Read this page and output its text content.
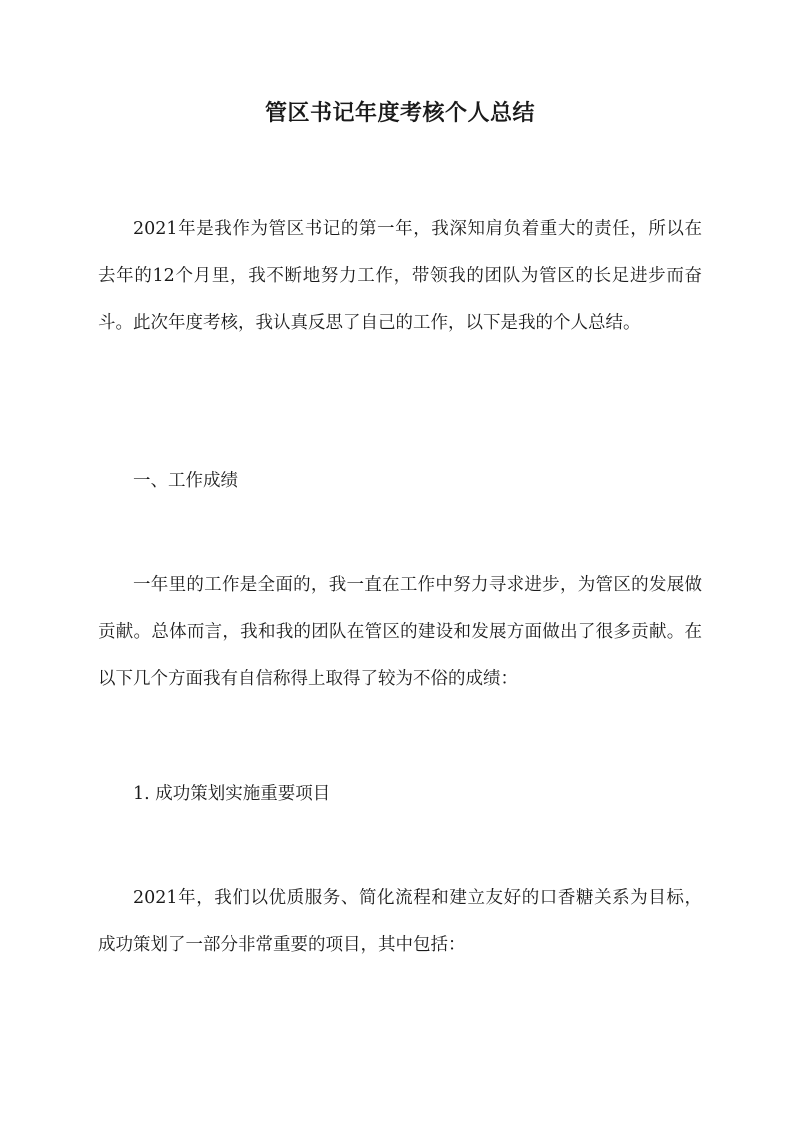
管区书记年度考核个人总结

2021年是我作为管区书记的第一年，我深知肩负着重大的责任，所以在去年的12个月里，我不断地努力工作，带领我的团队为管区的长足进步而奋斗。此次年度考核，我认真反思了自己的工作，以下是我的个人总结。

一、工作成绩

一年里的工作是全面的，我一直在工作中努力寻求进步，为管区的发展做贡献。总体而言，我和我的团队在管区的建设和发展方面做出了很多贡献。在以下几个方面我有自信称得上取得了较为不俗的成绩：

1. 成功策划实施重要项目

2021年，我们以优质服务、简化流程和建立友好的口香糖关系为目标，成功策划了一部分非常重要的项目，其中包括：
